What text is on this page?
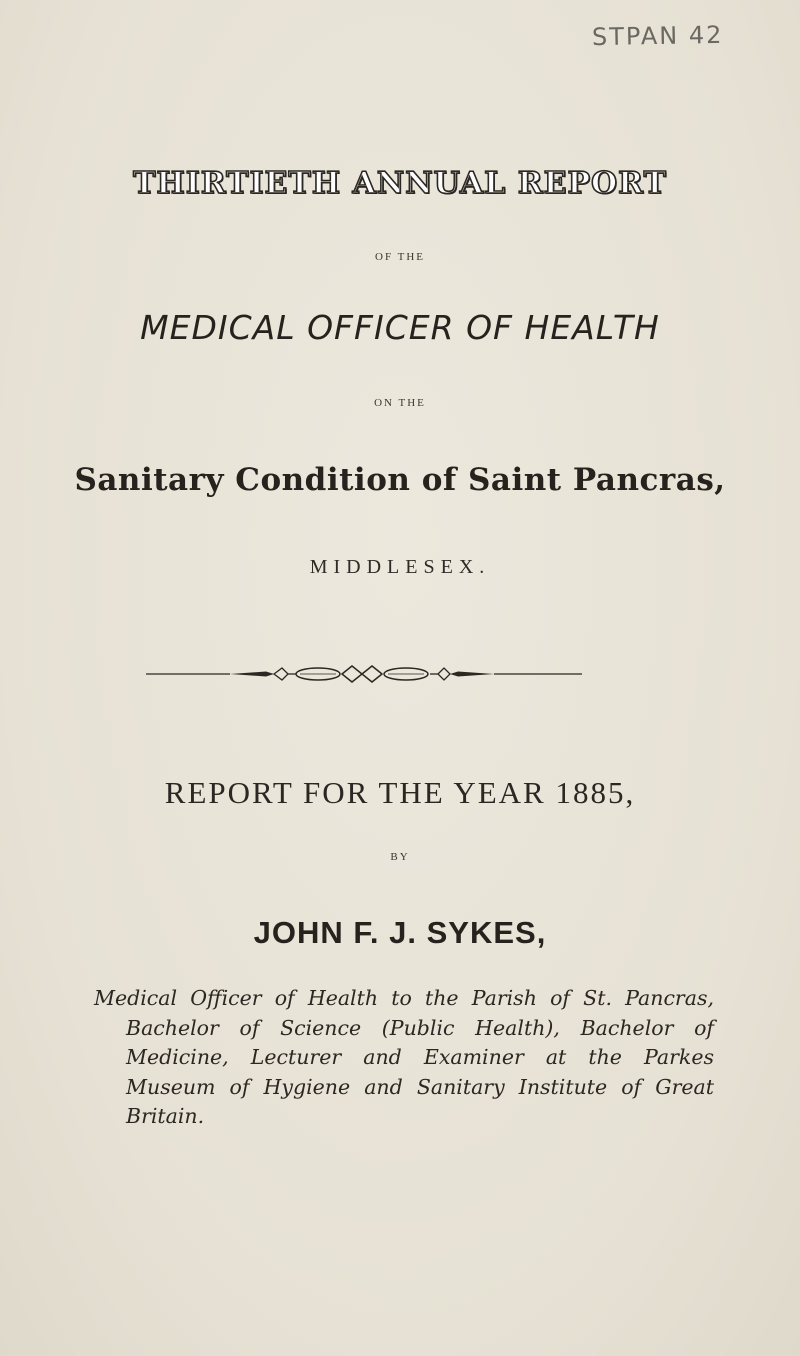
STPAN 42
THIRTIETH ANNUAL REPORT
OF THE
MEDICAL OFFICER OF HEALTH
ON THE
Sanitary Condition of Saint Pancras,
MIDDLESEX.
REPORT FOR THE YEAR 1885,
BY
JOHN F. J. SYKES,

Medical Officer of Health to the Parish of St. Pancras, Bachelor of Science (Public Health), Bachelor of Medicine, Lecturer and Examiner at the Parkes Museum of Hygiene and Sanitary Institute of Great Britain.
